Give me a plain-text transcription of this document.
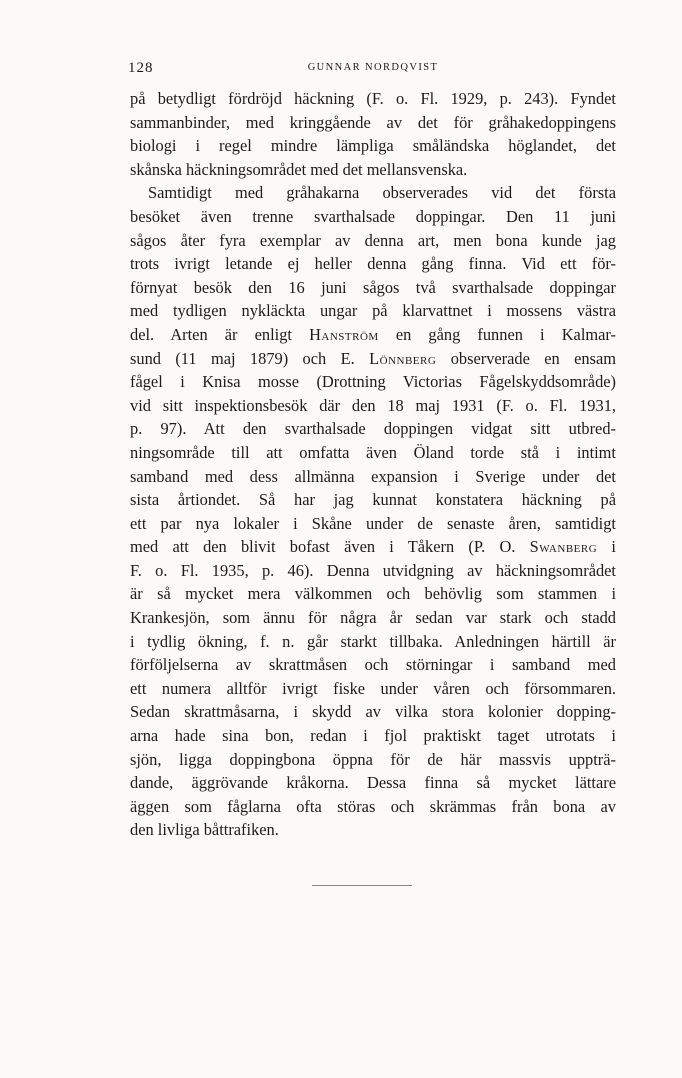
128	GUNNAR NORDQVIST
på betydligt fördröjd häckning (F. o. Fl. 1929, p. 243). Fyndet
sammanbinder, med kringgående av det för gråhakedoppingens
biologi i regel mindre lämpliga småländska höglandet, det
skånska häckningsområdet med det mellansvenska.
Samtidigt med gråhakarna observerades vid det första
besöket även trenne svarthalsade doppingar. Den 11 juni
sågos åter fyra exemplar av denna art, men bona kunde jag
trots ivrigt letande ej heller denna gång finna. Vid ett för-
förnyat besök den 16 juni sågos två svarthalsade doppingar
med tydligen nykläckta ungar på klarvattnet i mossens västra
del. Arten är enligt Hanström en gång funnen i Kalmar-
sund (11 maj 1879) och E. Lönnberg observerade en ensam
fågel i Knisa mosse (Drottning Victorias Fågelskyddsområde)
vid sitt inspektionsbesök där den 18 maj 1931 (F. o. Fl. 1931,
p. 97). Att den svarthalsade doppingen vidgat sitt utbred-
ningsområde till att omfatta även Öland torde stå i intimt
samband med dess allmänna expansion i Sverige under det
sista årtiondet. Så har jag kunnat konstatera häckning på
ett par nya lokaler i Skåne under de senaste åren, samtidigt
med att den blivit bofast även i Tåkern (P. O. Swanberg i
F. o. Fl. 1935, p. 46). Denna utvidgning av häckningsområdet
är så mycket mera välkommen och behövlig som stammen i
Krankesjön, som ännu för några år sedan var stark och stadd
i tydlig ökning, f. n. går starkt tillbaka. Anledningen härtill är
förföljelserna av skrattmåsen och störningar i samband med
ett numera alltför ivrigt fiske under våren och försommaren.
Sedan skrattmåsarna, i skydd av vilka stora kolonier dopping-
arna hade sina bon, redan i fjol praktiskt taget utrotats i
sjön, ligga doppingbona öppna för de här massvis uppträ-
dande, äggrövande kråkorna. Dessa finna så mycket lättare
äggen som fåglarna ofta störas och skrämmas från bona av
den livliga båttrafiken.
